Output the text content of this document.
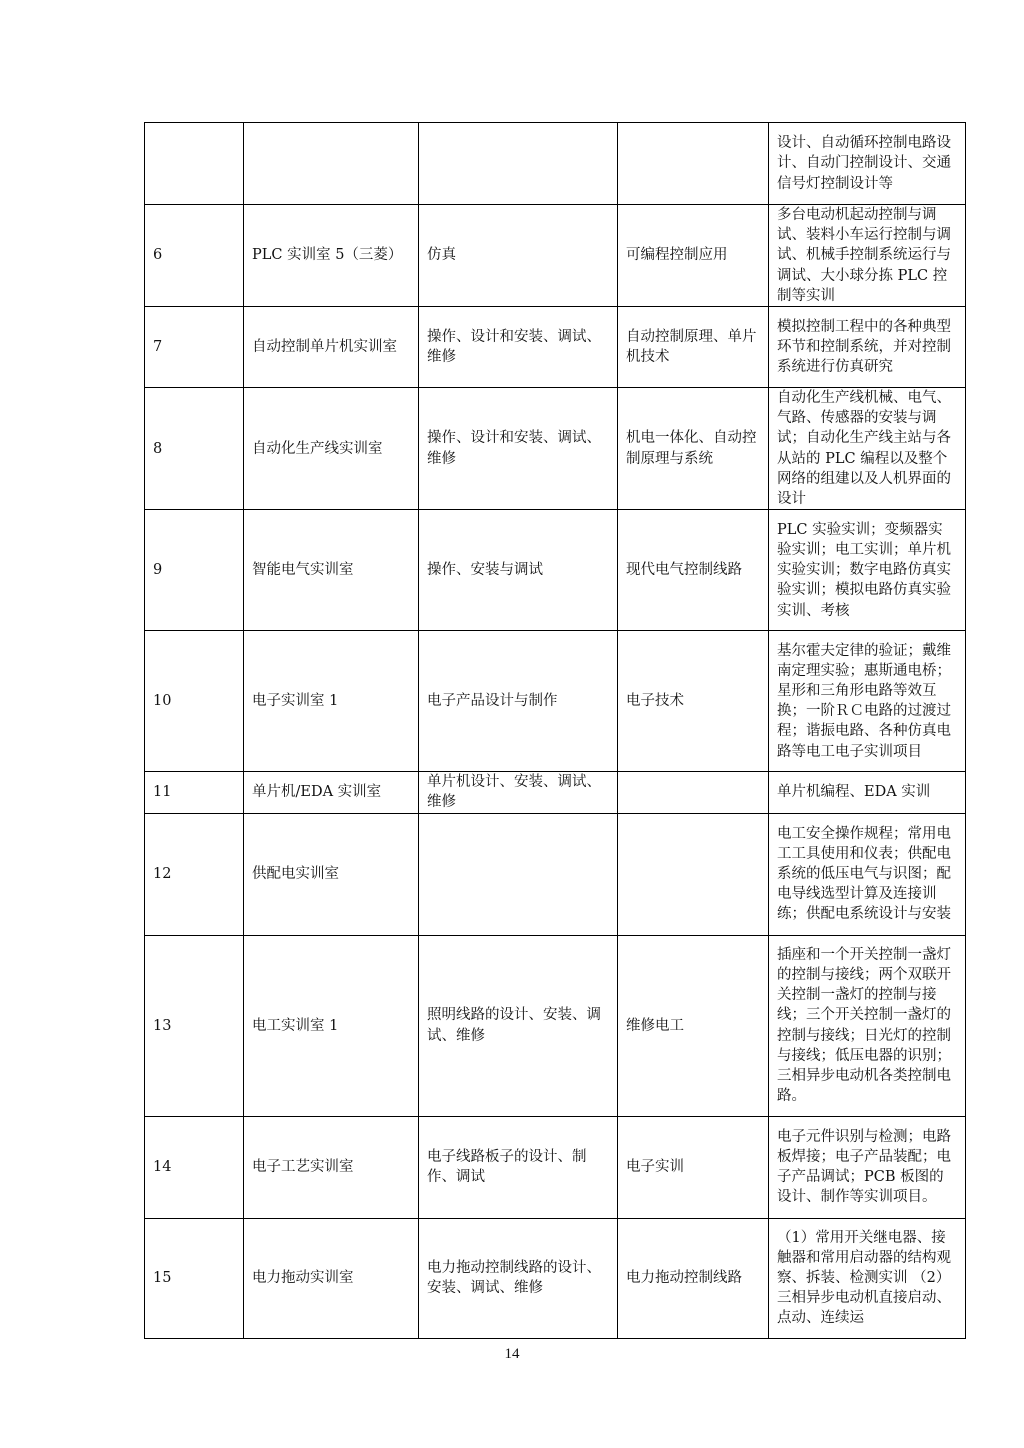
				设计、自动循环控制电路设计、自动门控制设计、交通信号灯控制设计等
6	PLC 实训室 5（三菱）	仿真	可编程控制应用	多台电动机起动控制与调试、装料小车运行控制与调试、机械手控制系统运行与调试、大小球分拣 PLC 控制等实训
7	自动控制单片机实训室	操作、设计和安装、调试、维修	自动控制原理、单片机技术	模拟控制工程中的各种典型环节和控制系统，并对控制系统进行仿真研究
8	自动化生产线实训室	操作、设计和安装、调试、维修	机电一体化、自动控制原理与系统	自动化生产线机械、电气、气路、传感器的安装与调试；自动化生产线主站与各从站的 PLC 编程以及整个网络的组建以及人机界面的设计
9	智能电气实训室	操作、安装与调试	现代电气控制线路	PLC 实验实训；变频器实验实训；电工实训；单片机实验实训；数字电路仿真实验实训；模拟电路仿真实验实训、考核
10	电子实训室 1	电子产品设计与制作	电子技术	基尔霍夫定律的验证；戴维南定理实验；惠斯通电桥；星形和三角形电路等效互换；一阶ＲＣ电路的过渡过程；谐振电路、各种仿真电路等电工电子实训项目
11	单片机/EDA 实训室	单片机设计、安装、调试、维修		单片机编程、EDA 实训
12	供配电实训室			电工安全操作规程；常用电工工具使用和仪表；供配电系统的低压电气与识图；配电导线选型计算及连接训练；供配电系统设计与安装
13	电工实训室 1	照明线路的设计、安装、调试、维修	维修电工	插座和一个开关控制一盏灯的控制与接线；两个双联开关控制一盏灯的控制与接线；三个开关控制一盏灯的控制与接线；日光灯的控制与接线；低压电器的识别；三相异步电动机各类控制电路。
14	电子工艺实训室	电子线路板子的设计、制作、调试	电子实训	电子元件识别与检测；电路板焊接；电子产品装配；电子产品调试；PCB 板图的设计、制作等实训项目。
15	电力拖动实训室	电力拖动控制线路的设计、安装、调试、维修	电力拖动控制线路	（1）常用开关继电器、接触器和常用启动器的结构观察、拆装、检测实训 （2）三相异步电动机直接启动、点动、连续运
14
